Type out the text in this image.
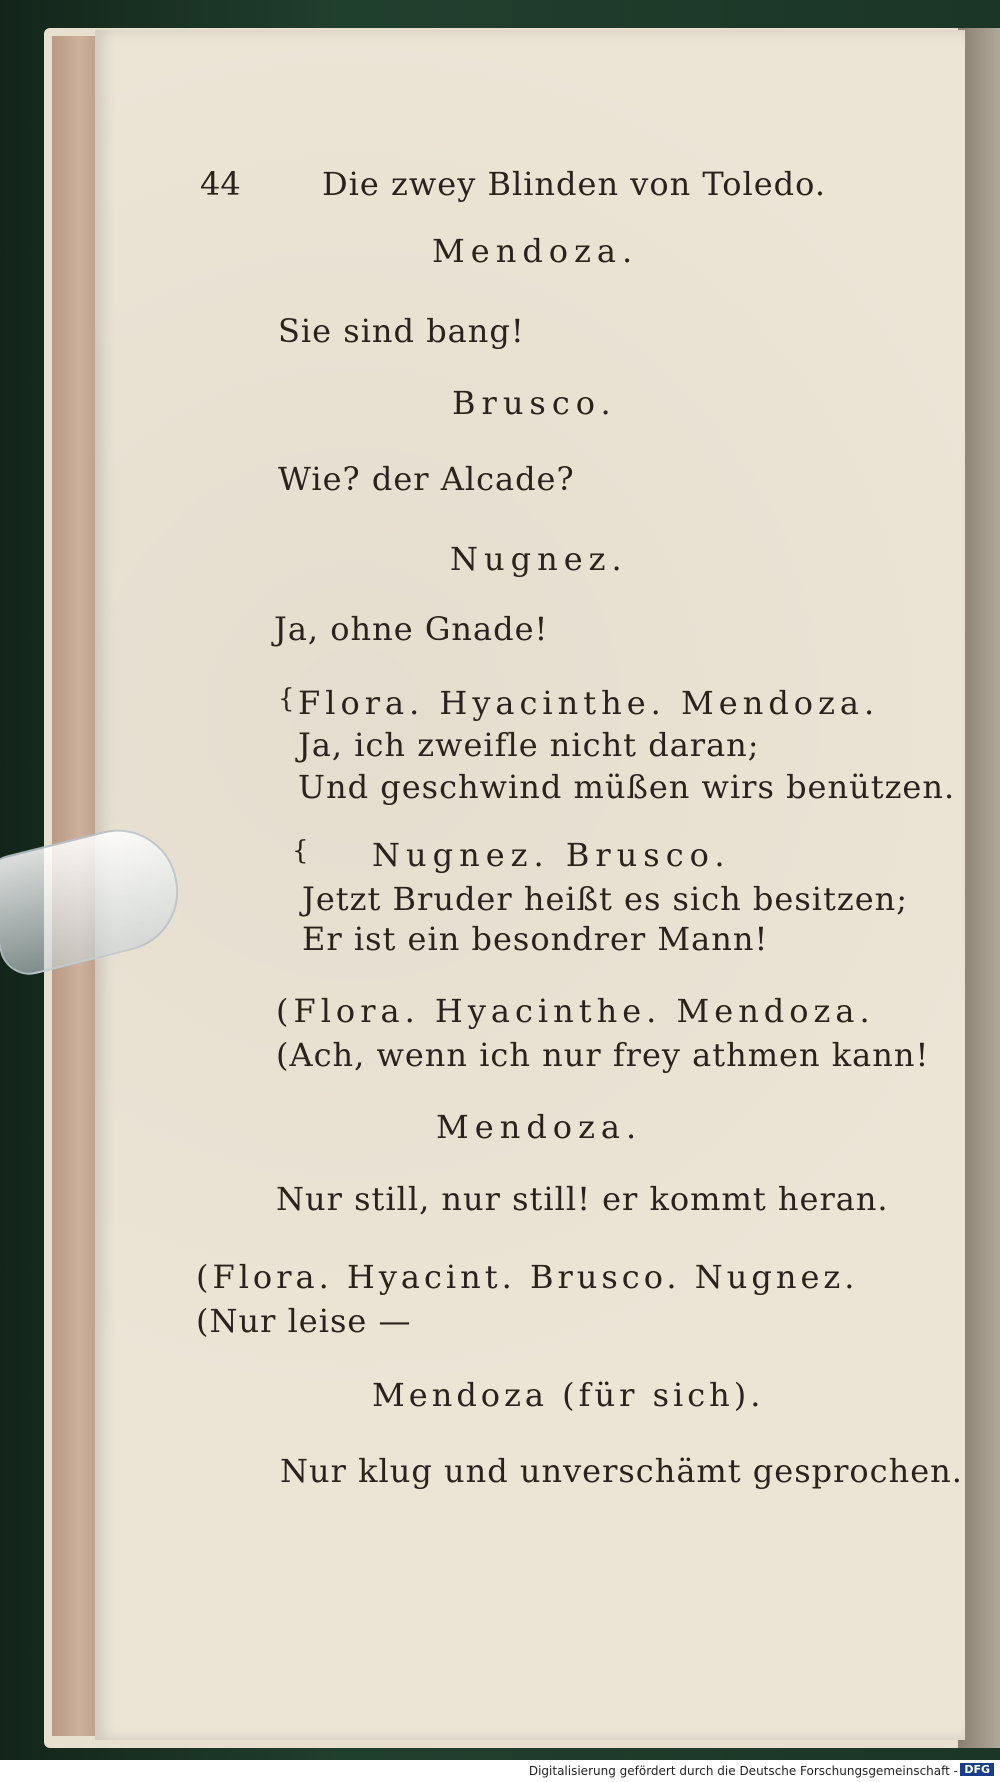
44	Die zwey Blinden von Toledo.
Mendoza.
Sie sind bang!
Brusco.
Wie? der Alcade?
Nugnez.
Ja, ohne Gnade!
{ Flora. Hyacinthe. Mendoza.
Ja, ich zweifle nicht daran;
Und geschwind müßen wirs benützen.
{ Nugnez. Brusco.
Jetzt Bruder heißt es sich besitzen;
Er ist ein besondrer Mann!
(Flora. Hyacinthe. Mendoza.
(Ach, wenn ich nur frey athmen kann!
Mendoza.
Nur still, nur still! er kommt heran.
(Flora. Hyacint. Brusco. Nugnez.
(Nur leise —
Mendoza (für sich).
Nur klug und unverschämt gesprochen.
Digitalisierung gefördert durch die Deutsche Forschungsgemeinschaft - DFG
